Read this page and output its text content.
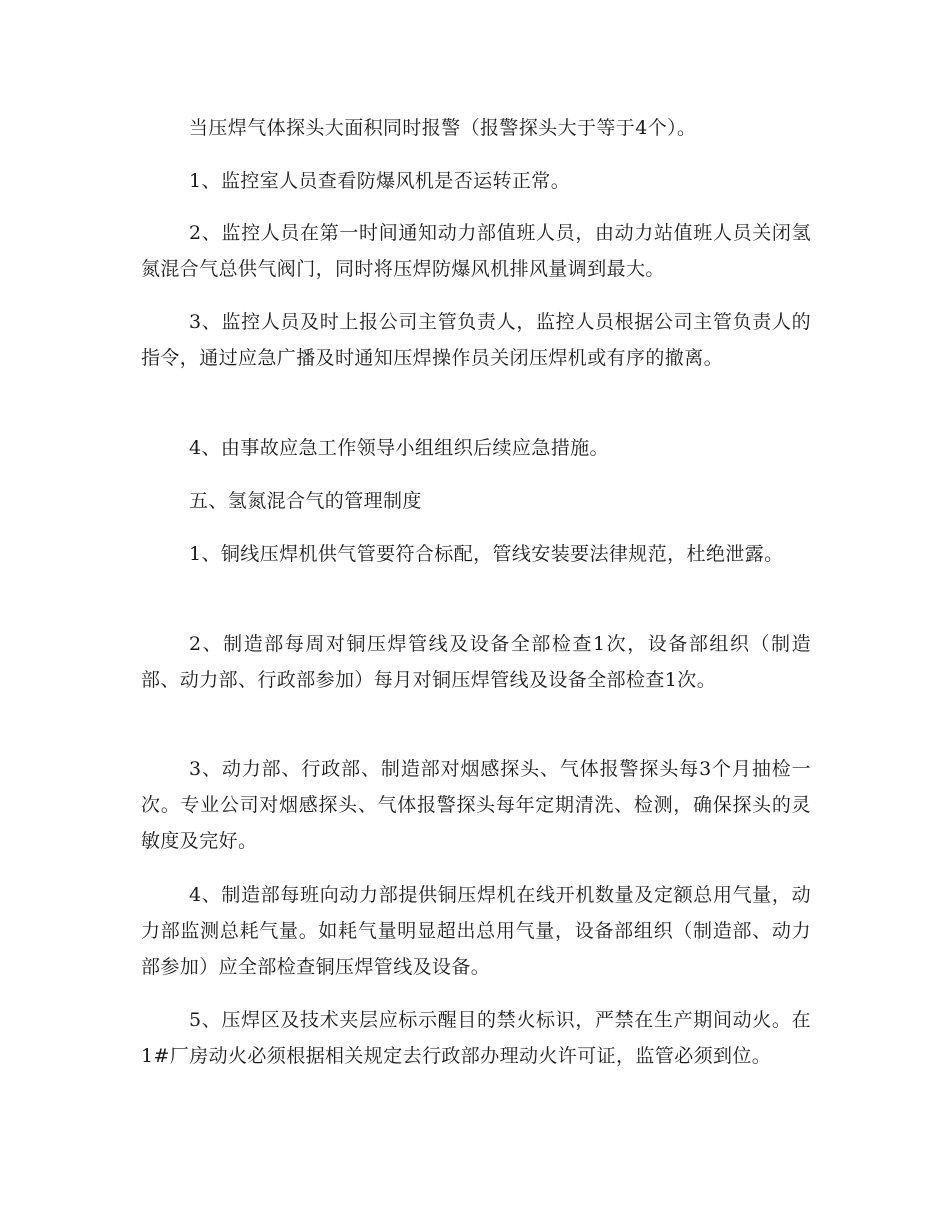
当压焊气体探头大面积同时报警（报警探头大于等于4个）。

1、监控室人员查看防爆风机是否运转正常。

2、监控人员在第一时间通知动力部值班人员，由动力站值班人员关闭氢氮混合气总供气阀门，同时将压焊防爆风机排风量调到最大。

3、监控人员及时上报公司主管负责人，监控人员根据公司主管负责人的指令，通过应急广播及时通知压焊操作员关闭压焊机或有序的撤离。

4、由事故应急工作领导小组组织后续应急措施。

五、氢氮混合气的管理制度

1、铜线压焊机供气管要符合标配，管线安装要法律规范，杜绝泄露。

2、制造部每周对铜压焊管线及设备全部检查1次，设备部组织（制造部、动力部、行政部参加）每月对铜压焊管线及设备全部检查1次。

3、动力部、行政部、制造部对烟感探头、气体报警探头每3个月抽检一次。专业公司对烟感探头、气体报警探头每年定期清洗、检测，确保探头的灵敏度及完好。

4、制造部每班向动力部提供铜压焊机在线开机数量及定额总用气量，动力部监测总耗气量。如耗气量明显超出总用气量，设备部组织（制造部、动力部参加）应全部检查铜压焊管线及设备。

5、压焊区及技术夹层应标示醒目的禁火标识，严禁在生产期间动火。在1#厂房动火必须根据相关规定去行政部办理动火许可证，监管必须到位。
